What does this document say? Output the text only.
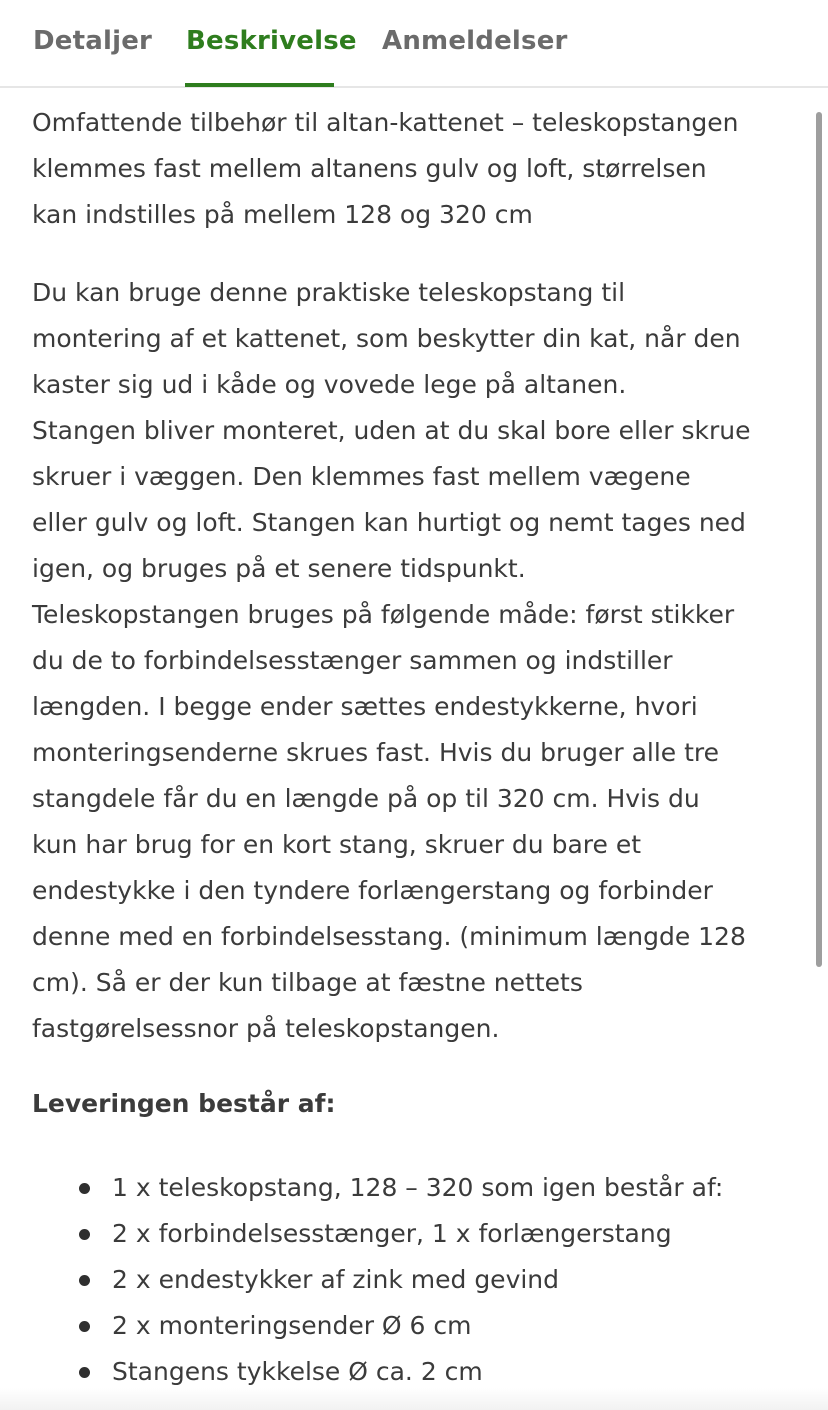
Detaljer Beskrivelse Anmeldelser

Omfattende tilbehør til altan-kattenet – teleskopstangen

klemmes fast mellem altanens gulv og loft, størrelsen

kan indstilles på mellem 128 og 320 cm

Du kan bruge denne praktiske teleskopstang til

montering af et kattenet, som beskytter din kat, når den

kaster sig ud i kåde og vovede lege på altanen.

Stangen bliver monteret, uden at du skal bore eller skrue

skruer i væggen. Den klemmes fast mellem vægene

eller gulv og loft. Stangen kan hurtigt og nemt tages ned

igen, og bruges på et senere tidspunkt.

Teleskopstangen bruges på følgende måde: først stikker

du de to forbindelsesstænger sammen og indstiller

længden. I begge ender sættes endestykkerne, hvori

monteringsenderne skrues fast. Hvis du bruger alle tre

stangdele får du en længde på op til 320 cm. Hvis du

kun har brug for en kort stang, skruer du bare et

endestykke i den tyndere forlængerstang og forbinder

denne med en forbindelsesstang. (minimum længde 128

cm). Så er der kun tilbage at fæstne nettets

fastgørelsessnor på teleskopstangen.

Leveringen består af:
1 x teleskopstang, 128 – 320 som igen består af:
2 x forbindelsesstænger, 1 x forlængerstang
2 x endestykker af zink med gevind
2 x monteringsender Ø 6 cm
Stangens tykkelse Ø ca. 2 cm
